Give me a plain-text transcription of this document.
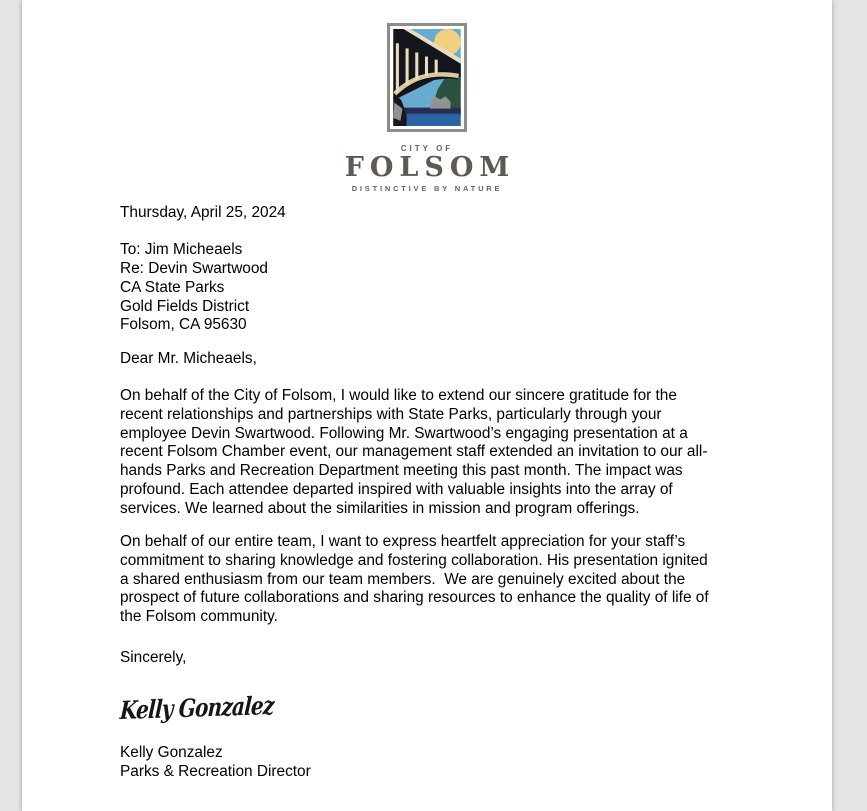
CITY OF
FOLSOM
DISTINCTIVE BY NATURE
Thursday, April 25, 2024
To: Jim Micheaels
Re: Devin Swartwood
CA State Parks
Gold Fields District
Folsom, CA 95630
Dear Mr. Micheaels,
On behalf of the City of Folsom, I would like to extend our sincere gratitude for the
recent relationships and partnerships with State Parks, particularly through your
employee Devin Swartwood. Following Mr. Swartwood’s engaging presentation at a
recent Folsom Chamber event, our management staff extended an invitation to our all-
hands Parks and Recreation Department meeting this past month. The impact was
profound. Each attendee departed inspired with valuable insights into the array of
services. We learned about the similarities in mission and program offerings.
On behalf of our entire team, I want to express heartfelt appreciation for your staff’s
commitment to sharing knowledge and fostering collaboration. His presentation ignited
a shared enthusiasm from our team members.  We are genuinely excited about the
prospect of future collaborations and sharing resources to enhance the quality of life of
the Folsom community.
Sincerely,
Kelly Gonzalez
Kelly Gonzalez
Parks & Recreation Director
